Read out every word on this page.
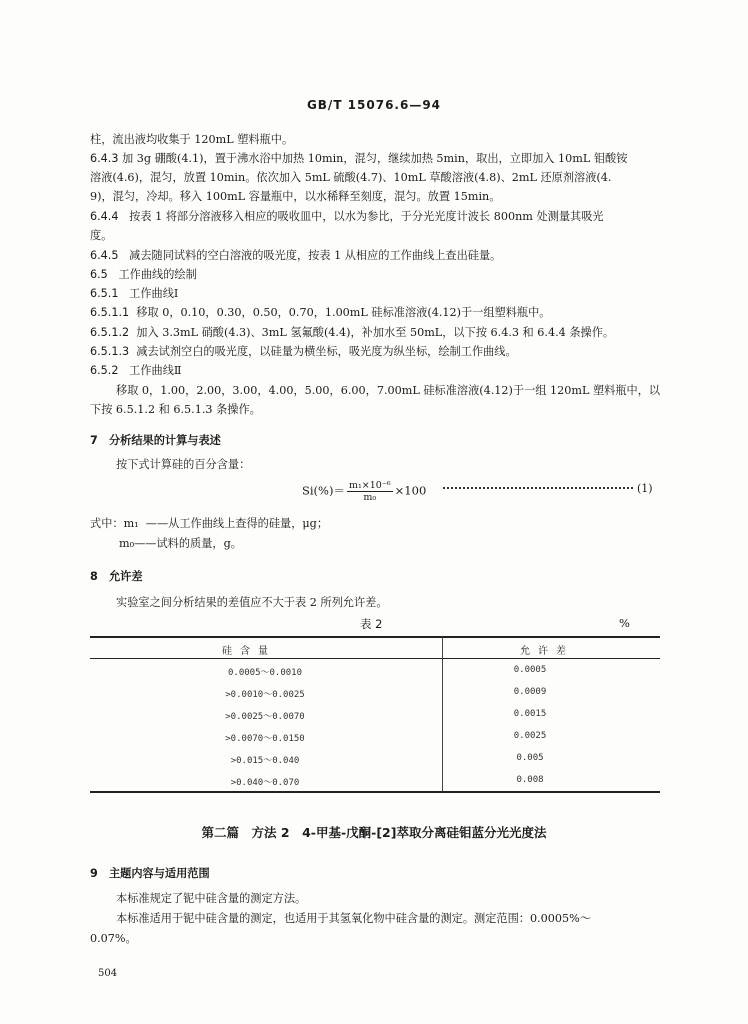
GB/T 15076.6—94
柱，流出液均收集于 120mL 塑料瓶中。
6.4.3 加 3g 硼酸(4.1)，置于沸水浴中加热 10min，混匀，继续加热 5min，取出，立即加入 10mL 钼酸铵
溶液(4.6)，混匀，放置 10min。依次加入 5mL 硫酸(4.7)、10mL 草酸溶液(4.8)、2mL 还原剂溶液(4.
9)，混匀，冷却。移入 100mL 容量瓶中，以水稀释至刻度，混匀。放置 15min。
6.4.4 按表 1 将部分溶液移入相应的吸收皿中，以水为参比，于分光光度计波长 800nm 处测量其吸光
度。
6.4.5 减去随同试料的空白溶液的吸光度，按表 1 从相应的工作曲线上查出硅量。
6.5 工作曲线的绘制
6.5.1 工作曲线Ⅰ
6.5.1.1 移取 0，0.10，0.30，0.50，0.70，1.00mL 硅标准溶液(4.12)于一组塑料瓶中。
6.5.1.2 加入 3.3mL 硝酸(4.3)、3mL 氢氟酸(4.4)，补加水至 50mL，以下按 6.4.3 和 6.4.4 条操作。
6.5.1.3 减去试剂空白的吸光度，以硅量为横坐标，吸光度为纵坐标，绘制工作曲线。
6.5.2 工作曲线Ⅱ
移取 0，1.00，2.00，3.00，4.00，5.00，6.00，7.00mL 硅标准溶液(4.12)于一组 120mL 塑料瓶中，以
下按 6.5.1.2 和 6.5.1.3 条操作。
7　分析结果的计算与表述
按下式计算硅的百分含量：
$Si(\%)= \frac{\text{m₁×10⁻⁶}}{\text{m₀}} \times 100$	(1)
式中：m₁ ——从工作曲线上查得的硅量，μg；
m₀——试料的质量，g。
8　允许差
实验室之间分析结果的差值应不大于表 2 所列允许差。
表 2	%
硅含量	允许差
0.0005～0.0010	0.0005
>0.0010～0.0025	0.0009
>0.0025～0.0070	0.0015
>0.0070～0.0150	0.0025
>0.015～0.040	0.005
>0.040～0.070	0.008
第二篇　方法 2　4-甲基-戊酮-[2]萃取分离硅钼蓝分光光度法
9　主题内容与适用范围
本标准规定了铌中硅含量的测定方法。
本标准适用于铌中硅含量的测定，也适用于其氢氧化物中硅含量的测定。测定范围：0.0005%～
0.07%。
504
